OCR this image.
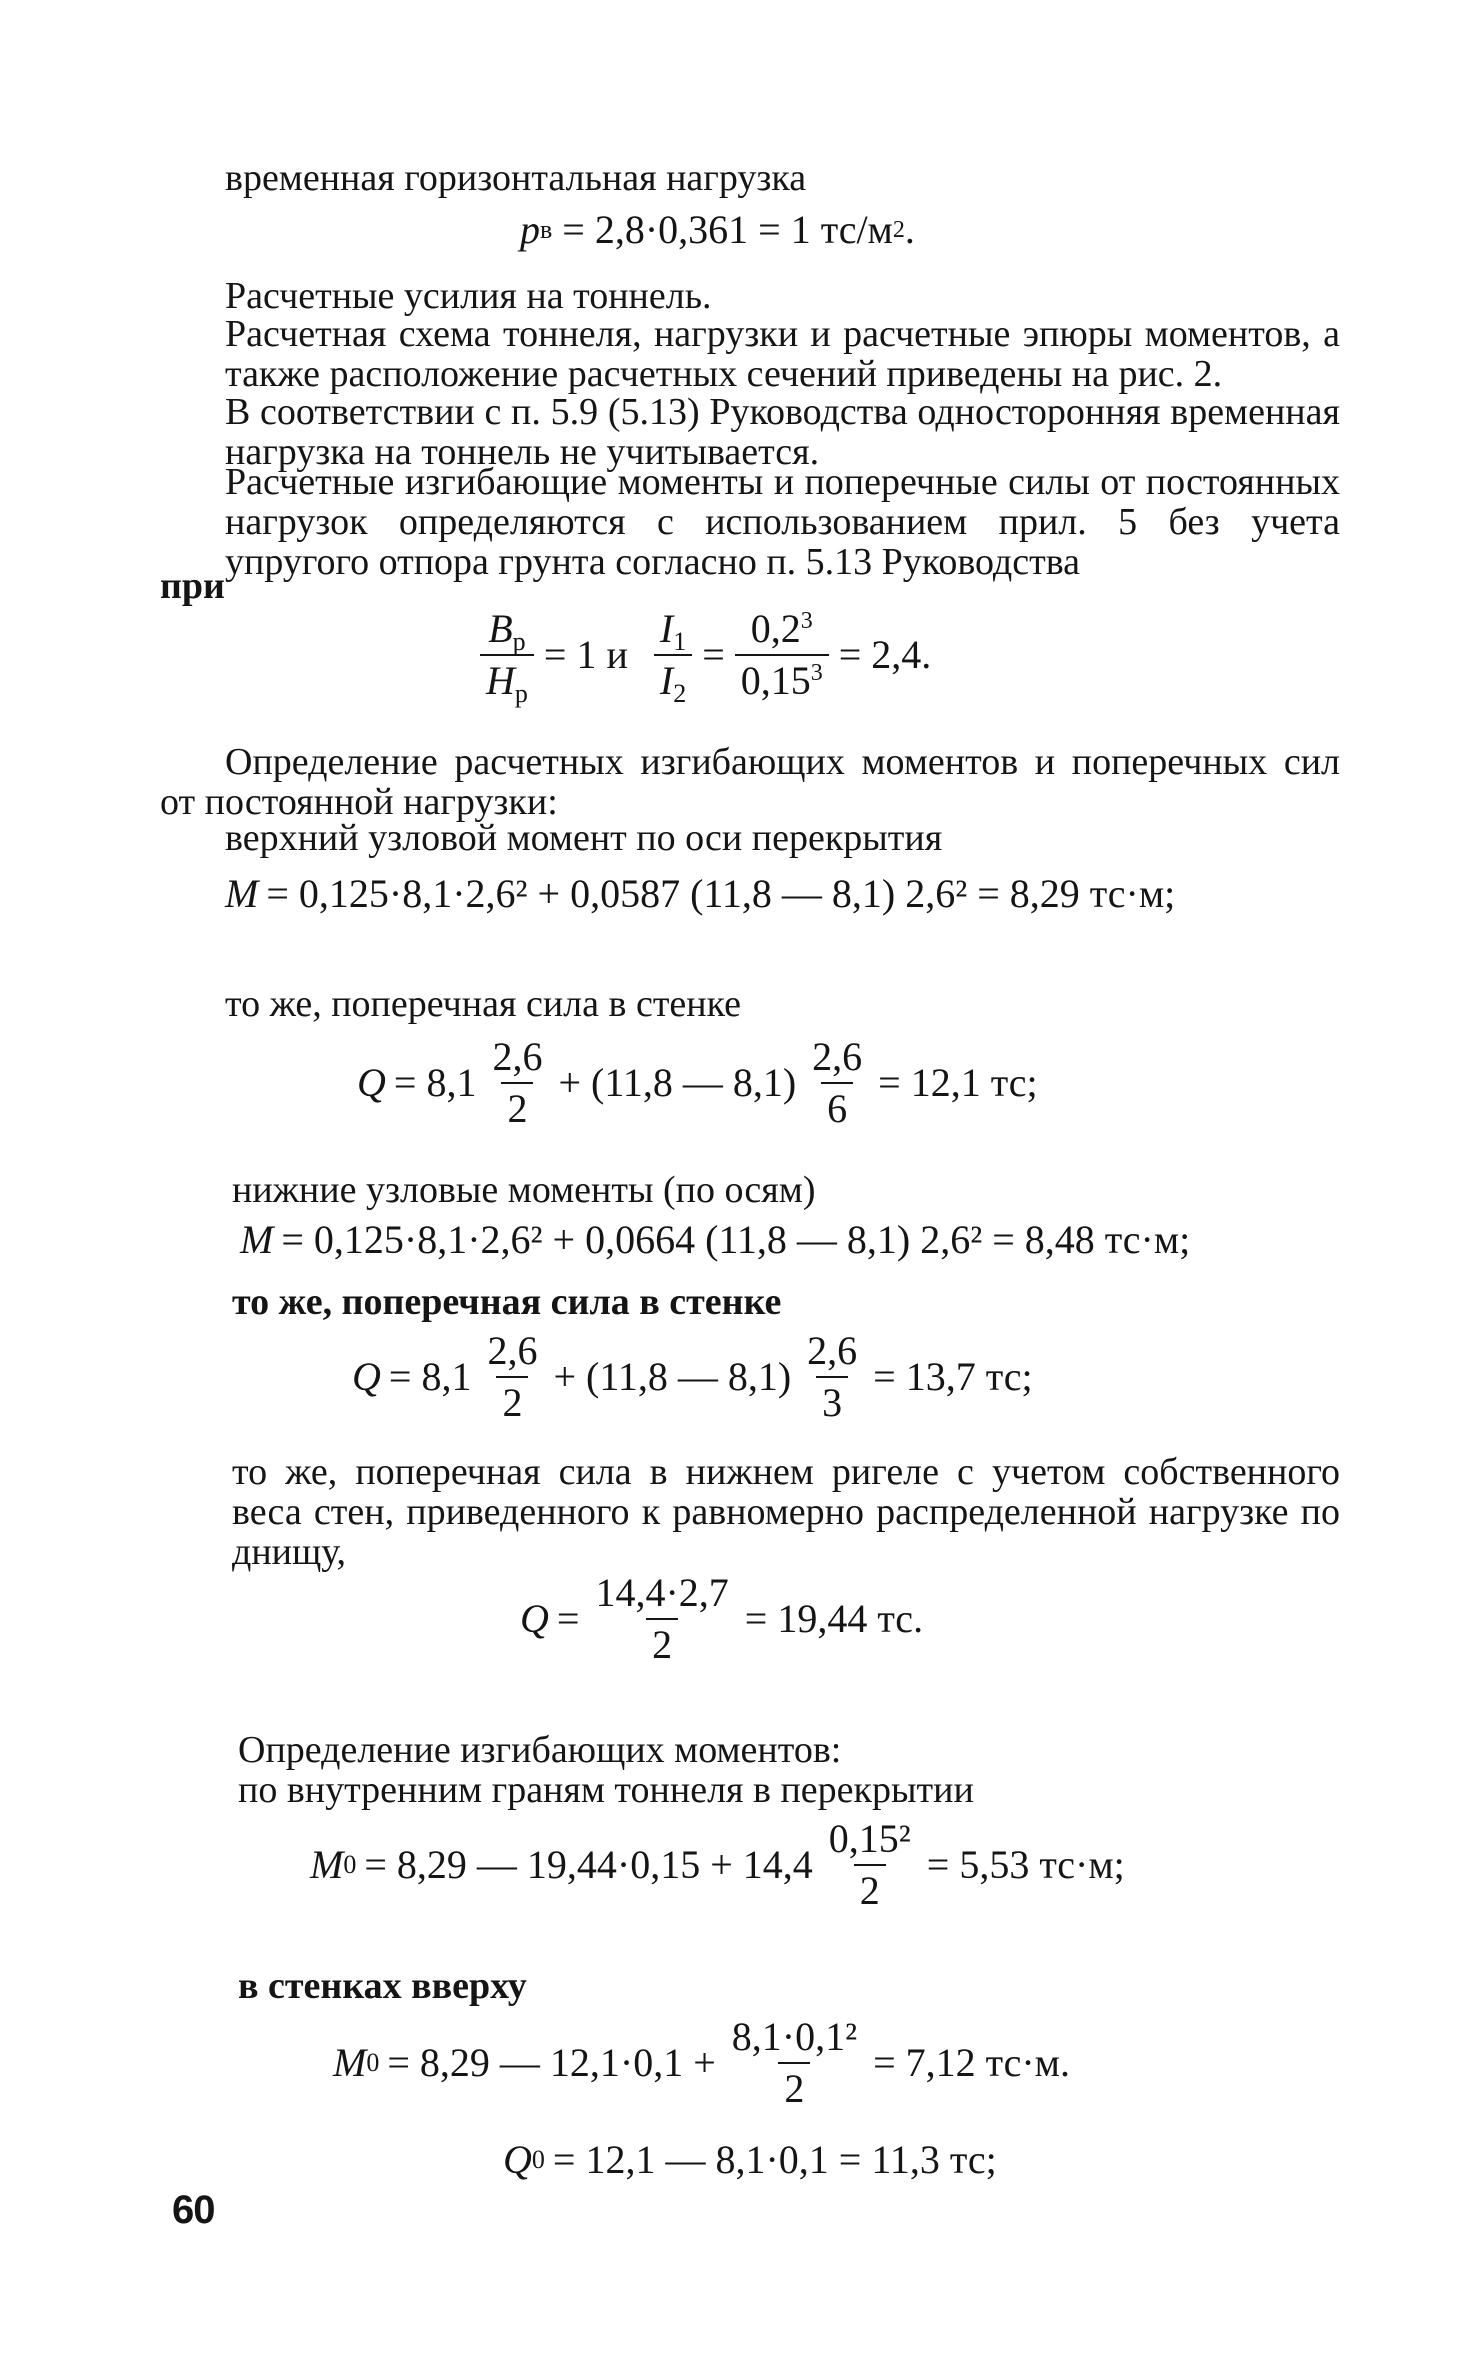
временная горизонтальная нагрузка
p в = 2,8·0,361 = 1 тс/м 2 .
Расчетные усилия на тоннель.

Расчетная схема тоннеля, нагрузки и расчетные эпюры моментов, а также расположение расчетных сечений приведены на рис. 2.

В соответствии с п. 5.9 (5.13) Руководства односторонняя временная нагрузка на тоннель не учитывается.

Расчетные изгибающие моменты и поперечные силы от постоянных нагрузок определяются с использованием прил. 5 без учета упругого отпора грунта согласно п. 5.13 Руководства

при
$\frac{B_р}{H_р} = 1$ и $\frac{I_1}{I_2} = \frac{0,2^3}{0,15^3} = 2,4$.

Определение расчетных изгибающих моментов и поперечных сил от постоянной нагрузки:

верхний узловой момент по оси перекрытия
M = 0,125·8,1·2,6² + 0,0587 (11,8 — 8,1) 2,6² = 8,29 тс·м;
то же, поперечная сила в стенке
$Q = 8,1 \frac{2,6}{2} + (11,8$ — $8,1) \frac{2,6}{6} = 12,1$ тс;
нижние узловые моменты (по осям)
M = 0,125·8,1·2,6² + 0,0664 (11,8 — 8,1) 2,6² = 8,48 тс·м;
то же, поперечная сила в стенке
$Q = 8,1 \frac{2,6}{2} + (11,8$ — $8,1) \frac{2,6}{3} = 13,7$ тс;

то же, поперечная сила в нижнем ригеле с учетом собственного веса стен, приведенного к равномерно распределенной нагрузке по днищу,

$Q = \frac{14,4\cdot 2,7}{2} = 19,44$ тс.
Определение изгибающих моментов:
по внутренним граням тоннеля в перекрытии
M 0 = 8,29 — $19,44\cdot 0,15 + 14,4 \frac{\text{0,15²}}{2} = 5,53$ тс·м;
в стенках вверху
M 0 = 8,29 — $12,1\cdot 0,1 + \frac{\text{8,1·0,1²}}{2} = 7,12$ тс·м.
Q 0 = 12,1 — 8,1·0,1 = 11,3 тс;
60
